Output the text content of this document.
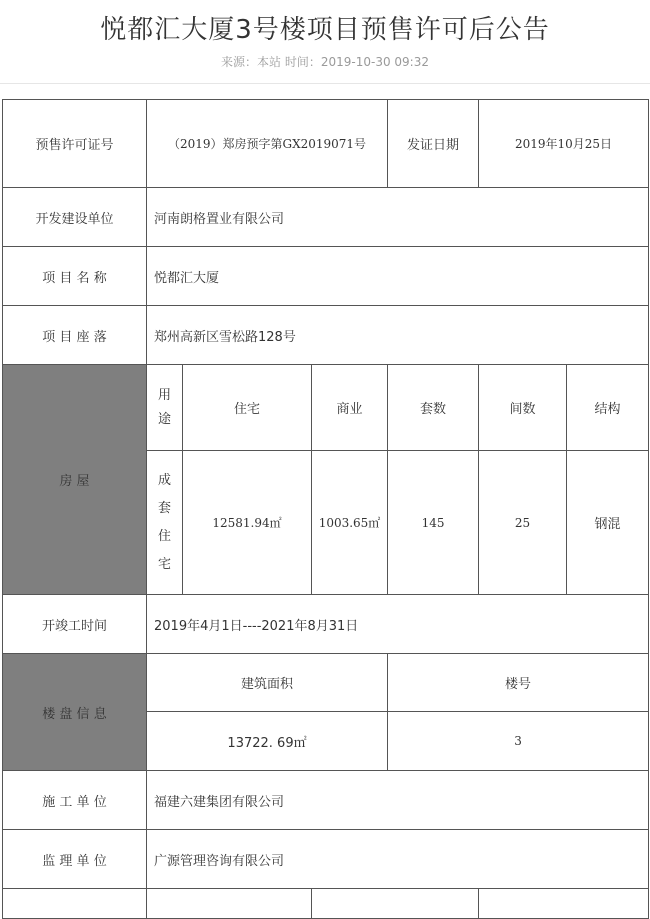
悦都汇大厦3号楼项目预售许可后公告
来源：本站 时间：2019-10-30 09:32
预售许可证号	（2019）郑房预字第GX2019071号			发证日期	2019年10月25日	
开发建设单位	河南朗格置业有限公司					
项 目 名 称	悦都汇大厦					
项 目 座 落	郑州高新区雪松路128号					
房 屋	用途	住宅	商业	套数	间数	结构

	成套住宅	12581.94㎡	1003.65㎡	145	25	钢混
开竣工时间	2019年4月1日----2021年8月31日					
楼 盘 信 息	建筑面积			楼号		
	13722. 69㎡			3		
施 工 单 位	福建六建集团有限公司					
监 理 单 位	广源管理咨询有限公司					
